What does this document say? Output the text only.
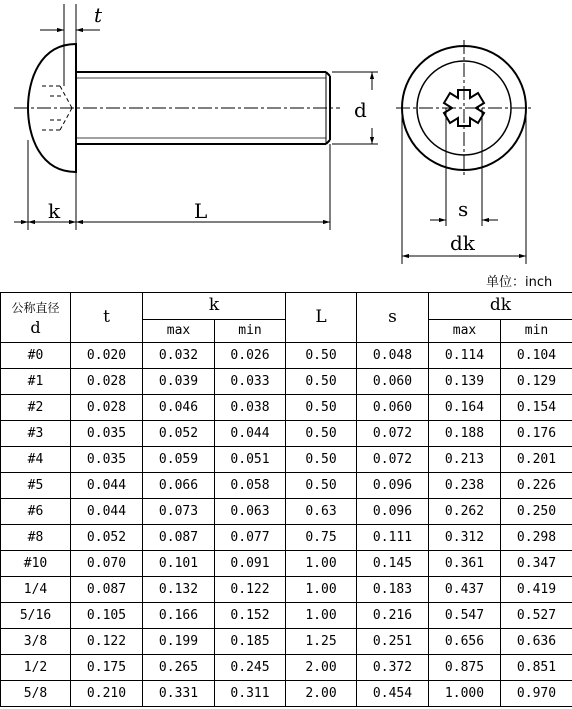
t
d
k	L	s
dk
单位：inch
公称直径
d	t	k		L	s	dk	
		max	min			max	min
#0	0.020	0.032	0.026	0.50	0.048	0.114	0.104
#1	0.028	0.039	0.033	0.50	0.060	0.139	0.129
#2	0.028	0.046	0.038	0.50	0.060	0.164	0.154
#3	0.035	0.052	0.044	0.50	0.072	0.188	0.176
#4	0.035	0.059	0.051	0.50	0.072	0.213	0.201
#5	0.044	0.066	0.058	0.50	0.096	0.238	0.226
#6	0.044	0.073	0.063	0.63	0.096	0.262	0.250
#8	0.052	0.087	0.077	0.75	0.111	0.312	0.298
#10	0.070	0.101	0.091	1.00	0.145	0.361	0.347
1/4	0.087	0.132	0.122	1.00	0.183	0.437	0.419
5/16	0.105	0.166	0.152	1.00	0.216	0.547	0.527
3/8	0.122	0.199	0.185	1.25	0.251	0.656	0.636
1/2	0.175	0.265	0.245	2.00	0.372	0.875	0.851
5/8	0.210	0.331	0.311	2.00	0.454	1.000	0.970
